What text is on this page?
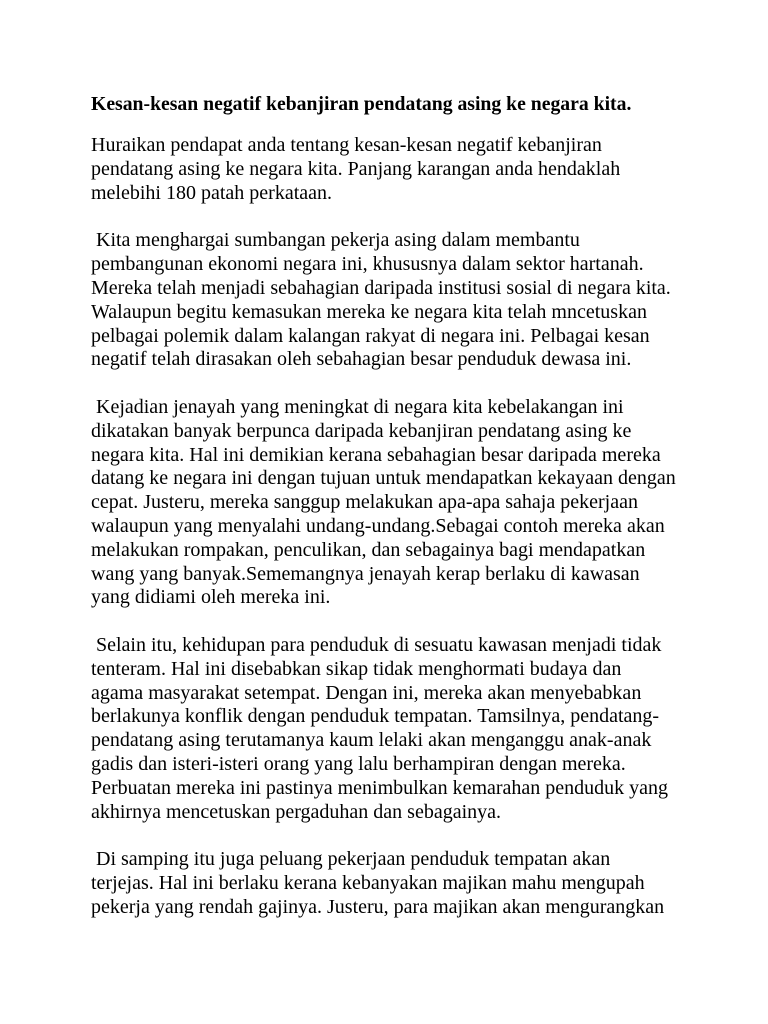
Kesan-kesan negatif kebanjiran pendatang asing ke negara kita.
Huraikan pendapat anda tentang kesan-kesan negatif kebanjiran
pendatang asing ke negara kita. Panjang karangan anda hendaklah
melebihi 180 patah perkataan.
Kita menghargai sumbangan pekerja asing dalam membantu
pembangunan ekonomi negara ini, khususnya dalam sektor hartanah.
Mereka telah menjadi sebahagian daripada institusi sosial di negara kita.
Walaupun begitu kemasukan mereka ke negara kita telah mncetuskan
pelbagai polemik dalam kalangan rakyat di negara ini. Pelbagai kesan
negatif telah dirasakan oleh sebahagian besar penduduk dewasa ini.
Kejadian jenayah yang meningkat di negara kita kebelakangan ini
dikatakan banyak berpunca daripada kebanjiran pendatang asing ke
negara kita. Hal ini demikian kerana sebahagian besar daripada mereka
datang ke negara ini dengan tujuan untuk mendapatkan kekayaan dengan
cepat. Justeru, mereka sanggup melakukan apa-apa sahaja pekerjaan
walaupun yang menyalahi undang-undang.Sebagai contoh mereka akan
melakukan rompakan, penculikan, dan sebagainya bagi mendapatkan
wang yang banyak.Sememangnya jenayah kerap berlaku di kawasan
yang didiami oleh mereka ini.
Selain itu, kehidupan para penduduk di sesuatu kawasan menjadi tidak
tenteram. Hal ini disebabkan sikap tidak menghormati budaya dan
agama masyarakat setempat. Dengan ini, mereka akan menyebabkan
berlakunya konflik dengan penduduk tempatan. Tamsilnya, pendatang-
pendatang asing terutamanya kaum lelaki akan menganggu anak-anak
gadis dan isteri-isteri orang yang lalu berhampiran dengan mereka.
Perbuatan mereka ini pastinya menimbulkan kemarahan penduduk yang
akhirnya mencetuskan pergaduhan dan sebagainya.
Di samping itu juga peluang pekerjaan penduduk tempatan akan
terjejas. Hal ini berlaku kerana kebanyakan majikan mahu mengupah
pekerja yang rendah gajinya. Justeru, para majikan akan mengurangkan
